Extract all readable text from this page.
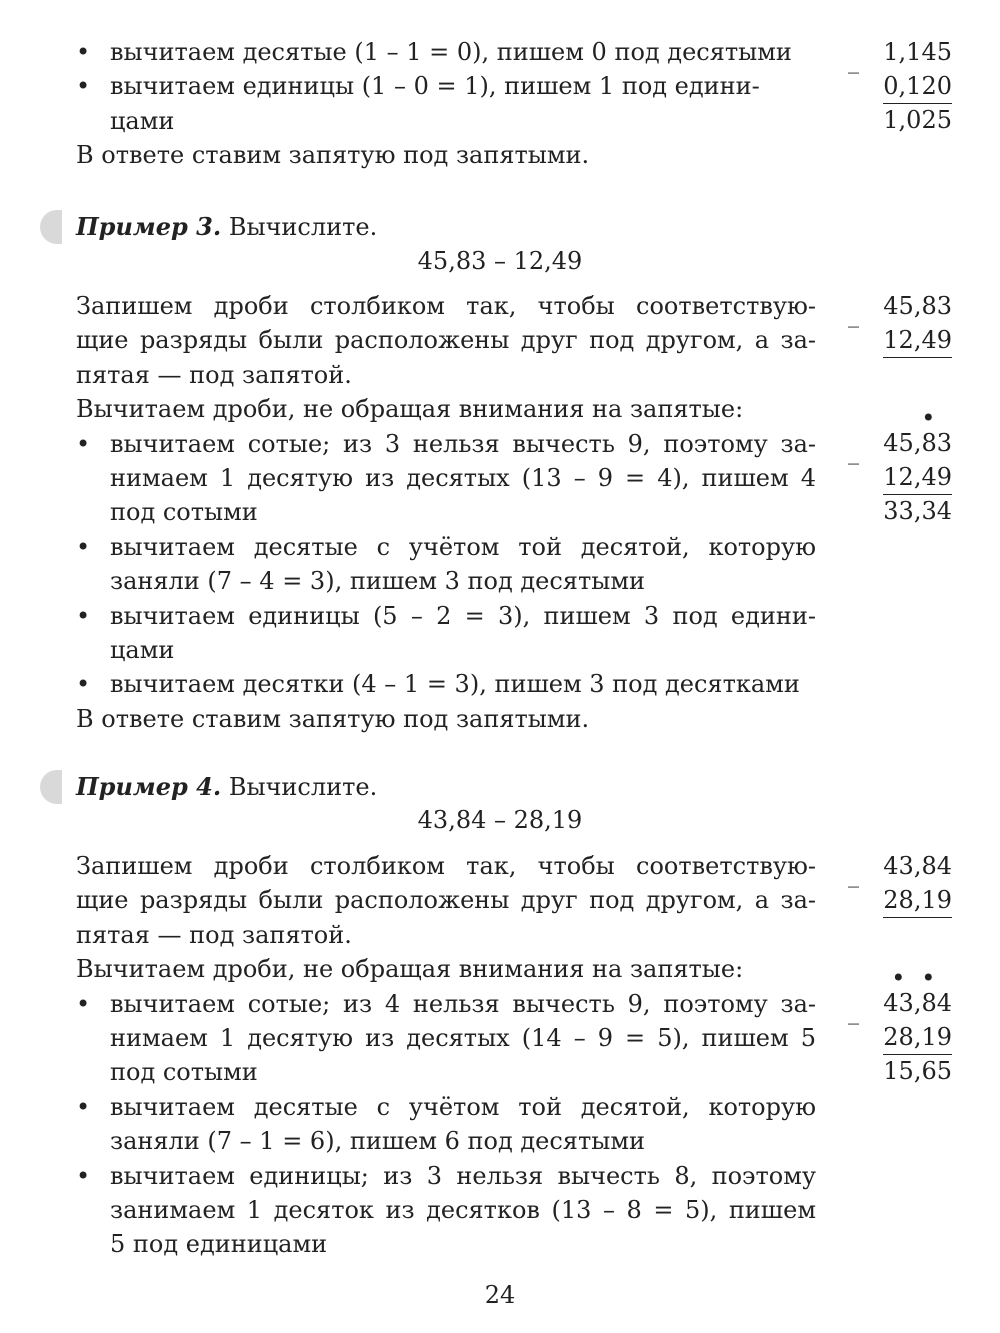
• вычитаем десятые (1 – 1 = 0), пишем 0 под десятыми
• вычитаем единицы (1 – 0 = 1), пишем 1 под едини-
цами
В ответе ставим запятую под запятыми.
_ 1,145
0,120
1,025
Пример 3. Вычислите.
45,83 – 12,49
Запишем дроби столбиком так, чтобы соответствую-
щие разряды были расположены друг под другом, а за-
пятая — под запятой.
Вычитаем дроби, не обращая внимания на запятые:
• вычитаем сотые; из 3 нельзя вычесть 9, поэтому за-
нимаем 1 десятую из десятых (13 – 9 = 4), пишем 4
под сотыми
• вычитаем десятые с учётом той десятой, которую
заняли (7 – 4 = 3), пишем 3 под десятыми
• вычитаем единицы (5 – 2 = 3), пишем 3 под едини-
цами
• вычитаем десятки (4 – 1 = 3), пишем 3 под десятками
В ответе ставим запятую под запятыми.
_ 45,83
12,49
_
•
45,83
12,49
33,34
Пример 4. Вычислите.
43,84 – 28,19
Запишем дроби столбиком так, чтобы соответствую-
щие разряды были расположены друг под другом, а за-
пятая — под запятой.
Вычитаем дроби, не обращая внимания на запятые:
• вычитаем сотые; из 4 нельзя вычесть 9, поэтому за-
нимаем 1 десятую из десятых (14 – 9 = 5), пишем 5
под сотыми
• вычитаем десятые с учётом той десятой, которую
заняли (7 – 1 = 6), пишем 6 под десятыми
• вычитаем единицы; из 3 нельзя вычесть 8, поэтому
занимаем 1 десяток из десятков (13 – 8 = 5), пишем
5 под единицами
_ 43,84
28,19
_
• •
43,84
28,19
15,65
24
